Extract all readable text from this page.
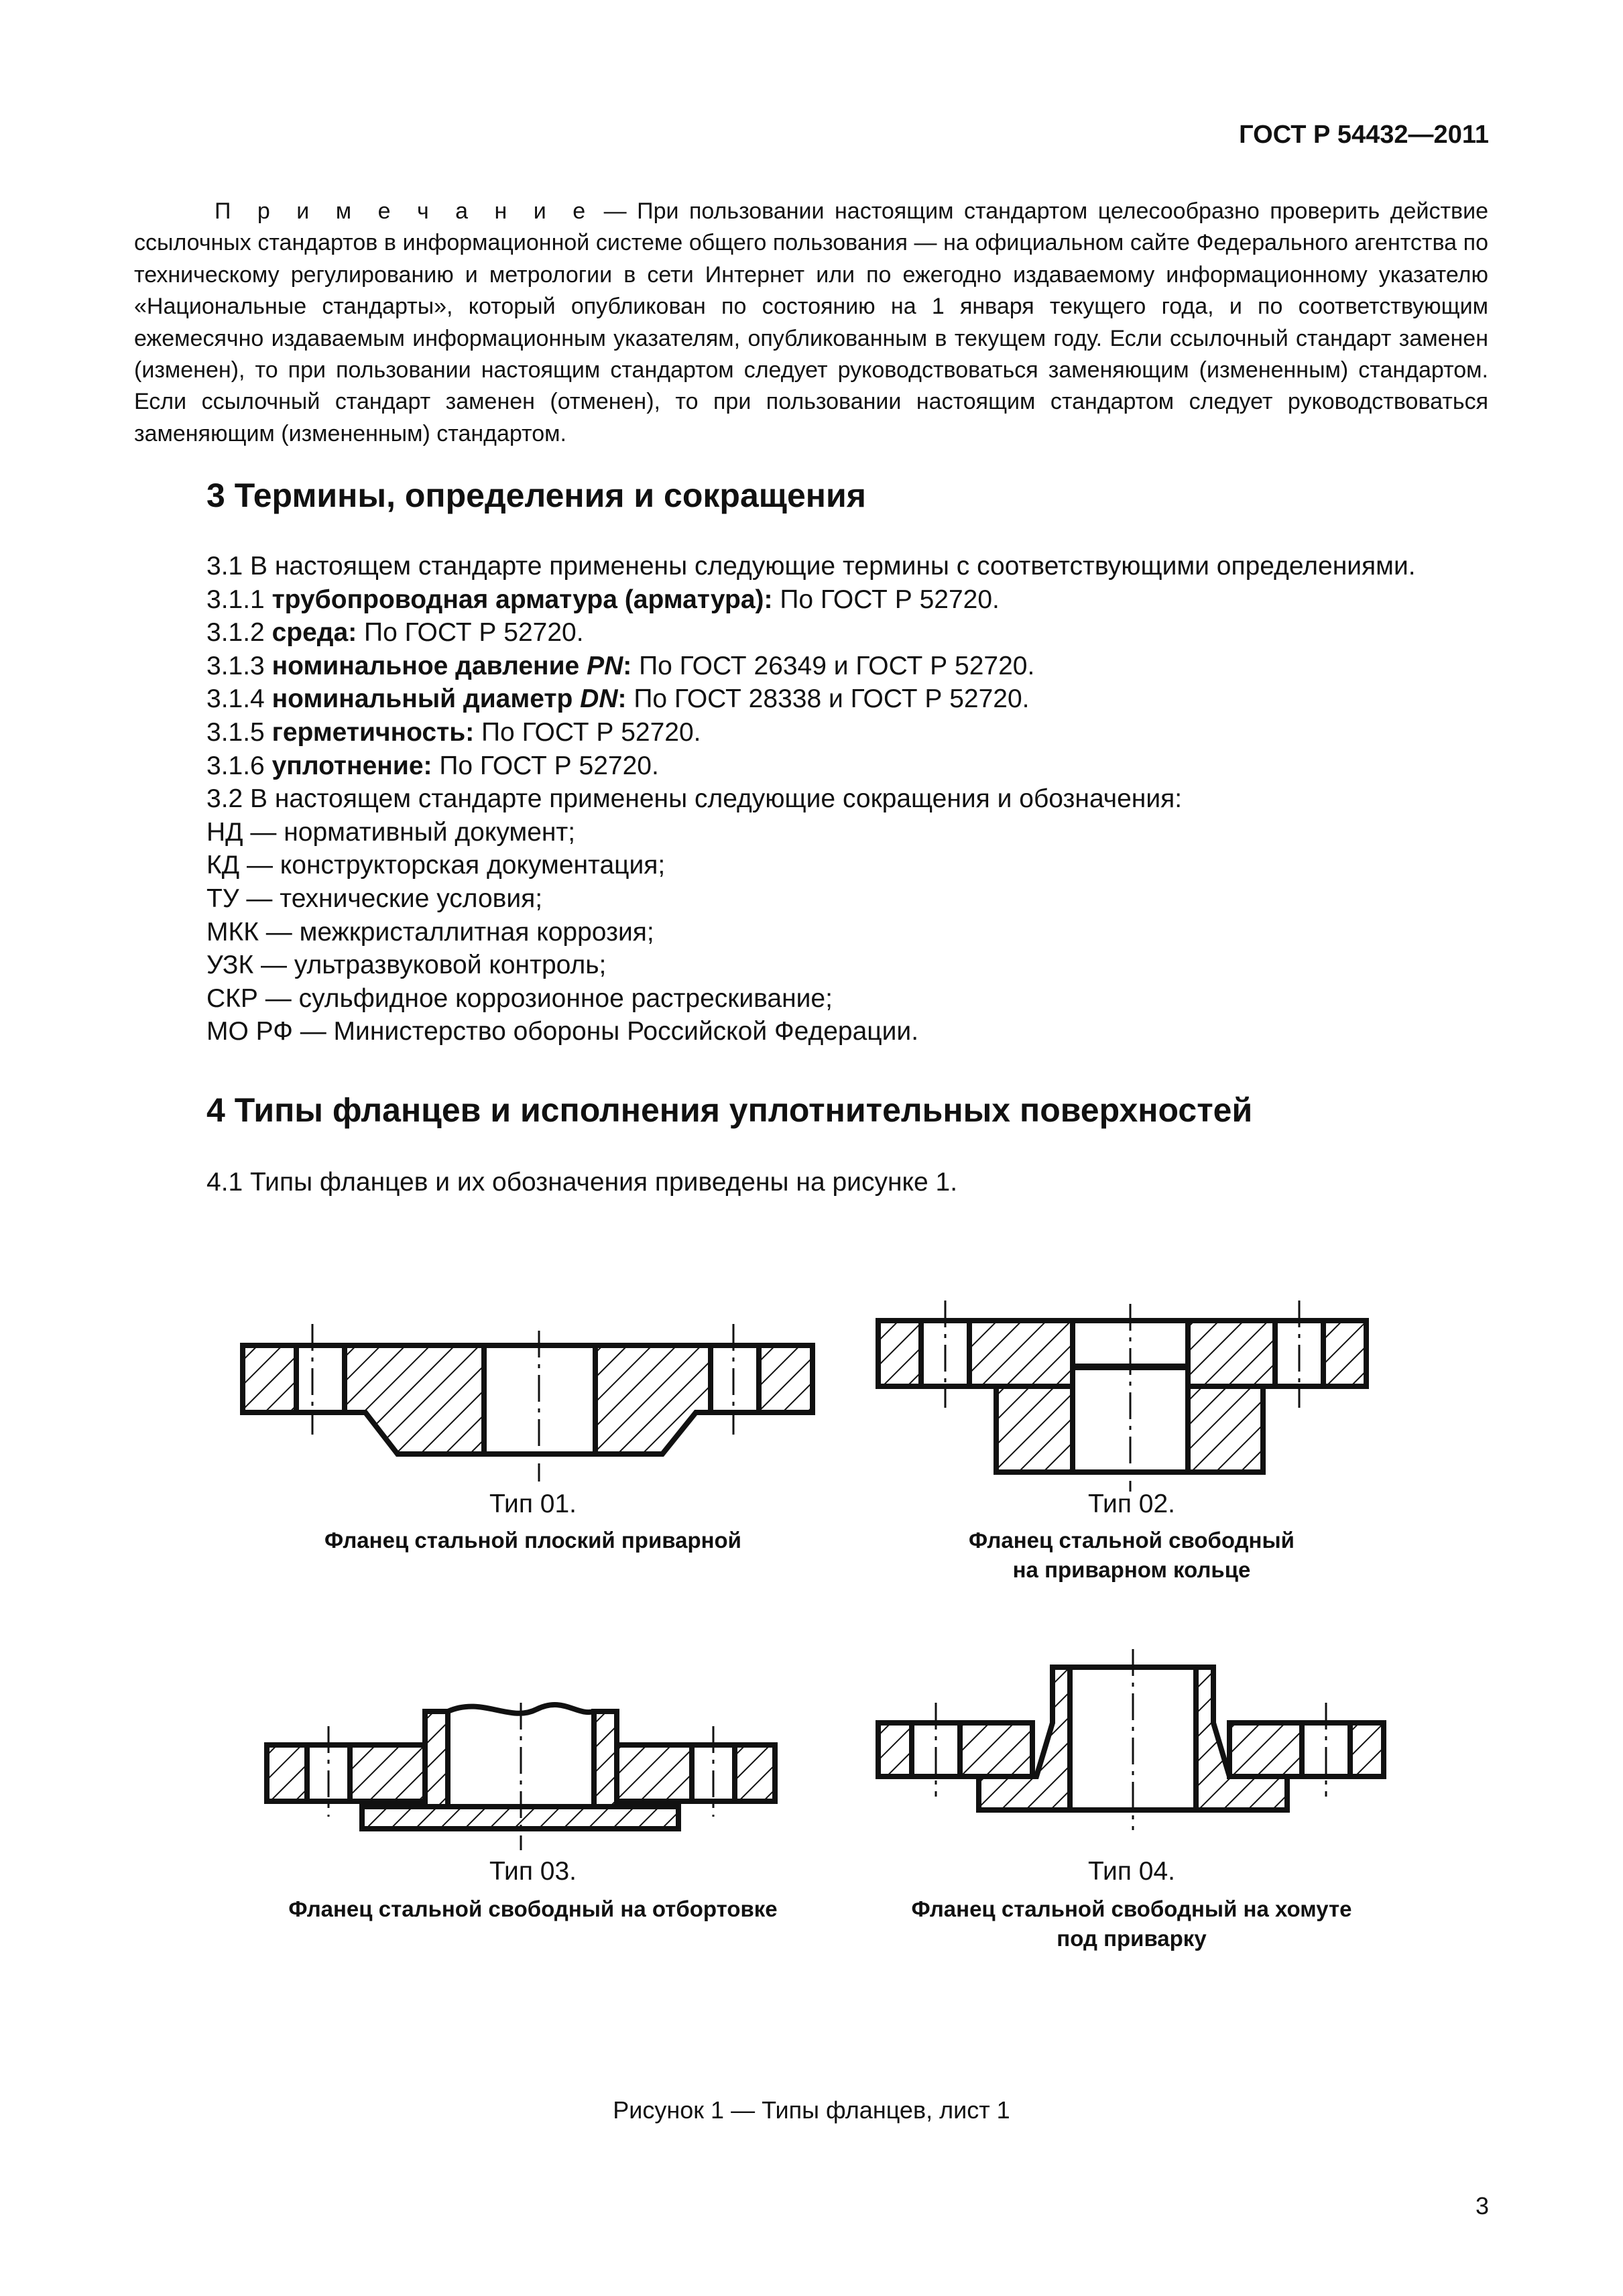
ГОСТ Р 54432—2011
П р и м е ч а н и е — При пользовании настоящим стандартом целесообразно проверить действие ссылочных стандартов в информационной системе общего пользования — на официальном сайте Федерального агентства по техническому регулированию и метрологии в сети Интернет или по ежегодно издаваемому информационному указателю «Национальные стандарты», который опубликован по состоянию на 1 января текущего года, и по соответствующим ежемесячно издаваемым информационным указателям, опубликованным в текущем году. Если ссылочный стандарт заменен (изменен), то при пользовании настоящим стандартом следует руководствоваться заменяющим (измененным) стандартом. Если ссылочный стандарт заменен (отменен), то при пользовании настоящим стандартом следует руководствоваться заменяющим (измененным) стандартом.
3 Термины, определения и сокращения
3.1 В настоящем стандарте применены следующие термины с соответствующими определениями.
3.1.1 трубопроводная арматура (арматура): По ГОСТ Р 52720.
3.1.2 среда: По ГОСТ Р 52720.
3.1.3 номинальное давление PN: По ГОСТ 26349 и ГОСТ Р 52720.
3.1.4 номинальный диаметр DN: По ГОСТ 28338 и ГОСТ Р 52720.
3.1.5 герметичность: По ГОСТ Р 52720.
3.1.6 уплотнение: По ГОСТ Р 52720.
3.2 В настоящем стандарте применены следующие сокращения и обозначения:
НД — нормативный документ;
КД — конструкторская документация;
ТУ — технические условия;
МКК — межкристаллитная коррозия;
УЗК — ультразвуковой контроль;
СКР — сульфидное коррозионное растрескивание;
МО РФ — Министерство обороны Российской Федерации.
4 Типы фланцев и исполнения уплотнительных поверхностей
4.1 Типы фланцев и их обозначения приведены на рисунке 1.
Тип 01.
Фланец стальной плоский приварной
Тип 02.
Фланец стальной свободный
на приварном кольце
Тип 03.
Фланец стальной свободный на отбортовке
Тип 04.
Фланец стальной свободный на хомуте
под приварку
Рисунок 1 — Типы фланцев, лист 1
3
